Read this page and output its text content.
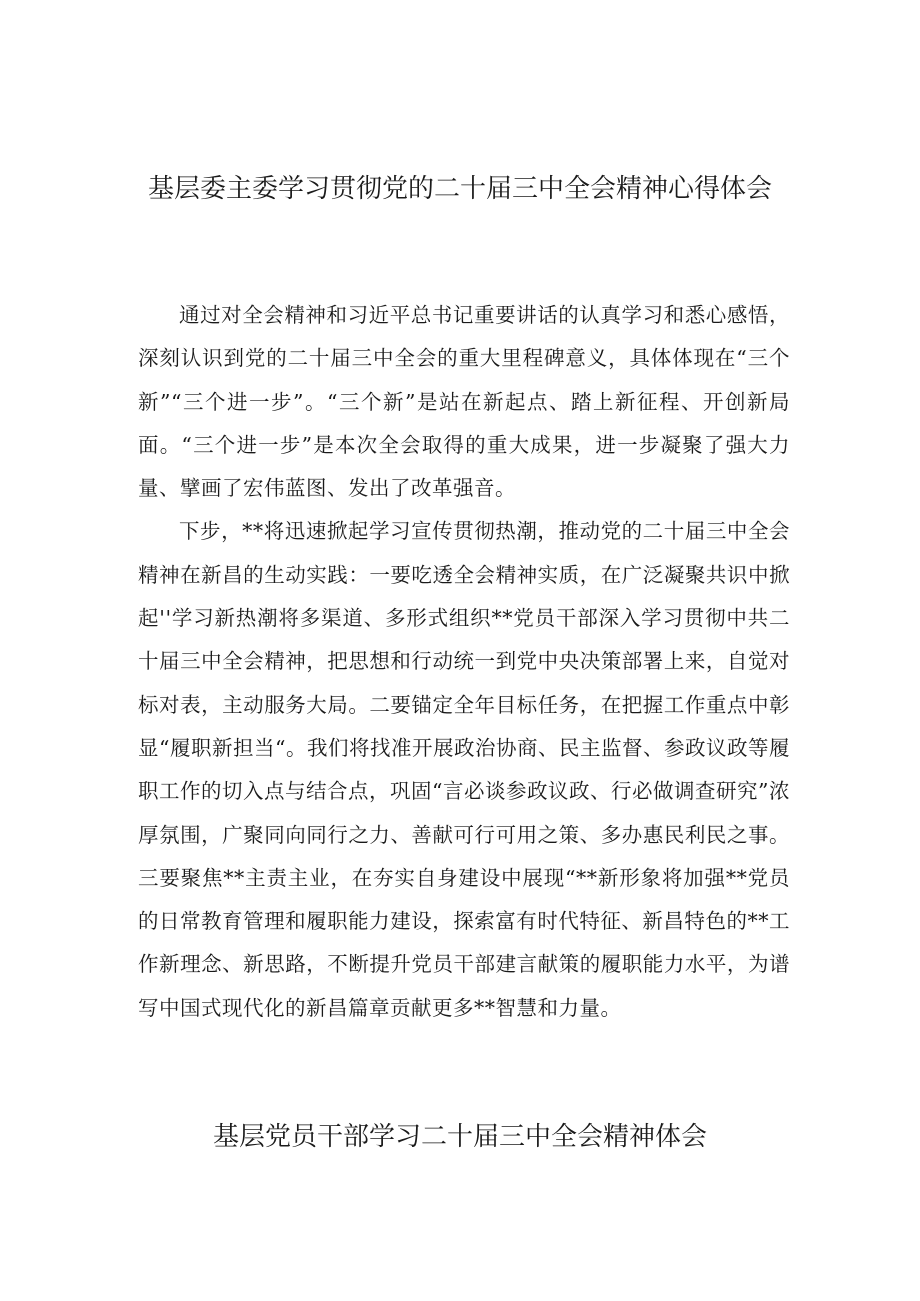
基层委主委学习贯彻党的二十届三中全会精神心得体会

通过对全会精神和习近平总书记重要讲话的认真学习和悉心感悟，深刻认识到党的二十届三中全会的重大里程碑意义，具体体现在“三个新”“三个进一步”。“三个新”是站在新起点、踏上新征程、开创新局面。“三个进一步”是本次全会取得的重大成果，进一步凝聚了强大力量、擘画了宏伟蓝图、发出了改革强音。

下步，**将迅速掀起学习宣传贯彻热潮，推动党的二十届三中全会精神在新昌的生动实践：一要吃透全会精神实质，在广泛凝聚共识中掀起''学习新热潮将多渠道、多形式组织**党员干部深入学习贯彻中共二十届三中全会精神，把思想和行动统一到党中央决策部署上来，自觉对标对表，主动服务大局。二要锚定全年目标任务，在把握工作重点中彰显“履职新担当“。我们将找准开展政治协商、民主监督、参政议政等履职工作的切入点与结合点，巩固“言必谈参政议政、行必做调查研究”浓厚氛围，广聚同向同行之力、善献可行可用之策、多办惠民利民之事。三要聚焦**主责主业，在夯实自身建设中展现“**新形象将加强**党员的日常教育管理和履职能力建设，探索富有时代特征、新昌特色的**工作新理念、新思路，不断提升党员干部建言献策的履职能力水平，为谱写中国式现代化的新昌篇章贡献更多**智慧和力量。

基层党员干部学习二十届三中全会精神体会
